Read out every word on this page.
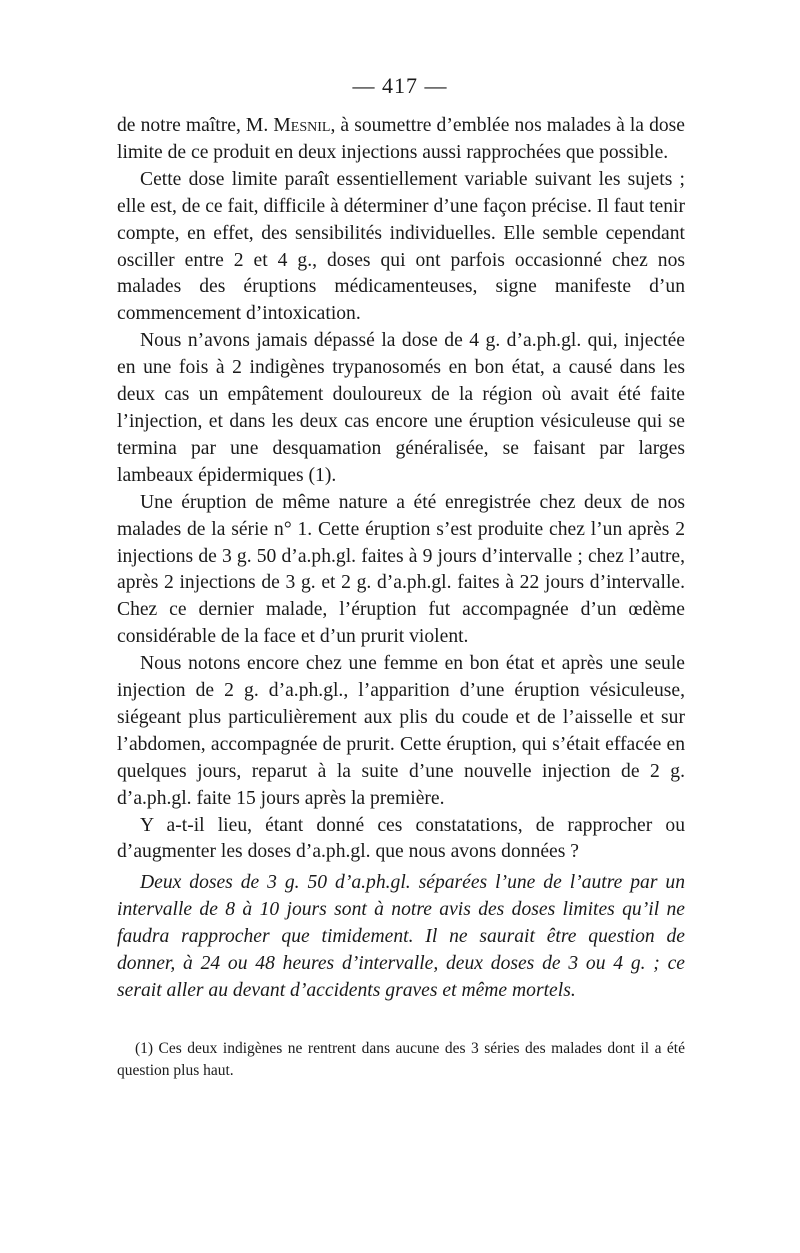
— 417 —

de notre maître, M. Mesnil, à soumettre d’emblée nos malades à la dose limite de ce produit en deux injections aussi rapprochées que possible.

Cette dose limite paraît essentiellement variable suivant les sujets ; elle est, de ce fait, difficile à déterminer d’une façon précise. Il faut tenir compte, en effet, des sensibilités individuelles. Elle semble cependant osciller entre 2 et 4 g., doses qui ont parfois occasionné chez nos malades des éruptions médicamenteuses, signe manifeste d’un commencement d’intoxication.

Nous n’avons jamais dépassé la dose de 4 g. d’a.ph.gl. qui, injectée en une fois à 2 indigènes trypanosomés en bon état, a causé dans les deux cas un empâtement douloureux de la région où avait été faite l’injection, et dans les deux cas encore une éruption vésiculeuse qui se termina par une desquamation généralisée, se faisant par larges lambeaux épidermiques (1).

Une éruption de même nature a été enregistrée chez deux de nos malades de la série n° 1. Cette éruption s’est produite chez l’un après 2 injections de 3 g. 50 d’a.ph.gl. faites à 9 jours d’intervalle ; chez l’autre, après 2 injections de 3 g. et 2 g. d’a.ph.gl. faites à 22 jours d’intervalle. Chez ce dernier malade, l’éruption fut accompagnée d’un œdème considérable de la face et d’un prurit violent.

Nous notons encore chez une femme en bon état et après une seule injection de 2 g. d’a.ph.gl., l’apparition d’une éruption vésiculeuse, siégeant plus particulièrement aux plis du coude et de l’aisselle et sur l’abdomen, accompagnée de prurit. Cette éruption, qui s’était effacée en quelques jours, reparut à la suite d’une nouvelle injection de 2 g. d’a.ph.gl. faite 15 jours après la première.

Y a-t-il lieu, étant donné ces constatations, de rapprocher ou d’augmenter les doses d’a.ph.gl. que nous avons données ?

Deux doses de 3 g. 50 d’a.ph.gl. séparées l’une de l’autre par un intervalle de 8 à 10 jours sont à notre avis des doses limites qu’il ne faudra rapprocher que timidement. Il ne saurait être question de donner, à 24 ou 48 heures d’intervalle, deux doses de 3 ou 4 g. ; ce serait aller au devant d’accidents graves et même mortels.

(1) Ces deux indigènes ne rentrent dans aucune des 3 séries des malades dont il a été question plus haut.
